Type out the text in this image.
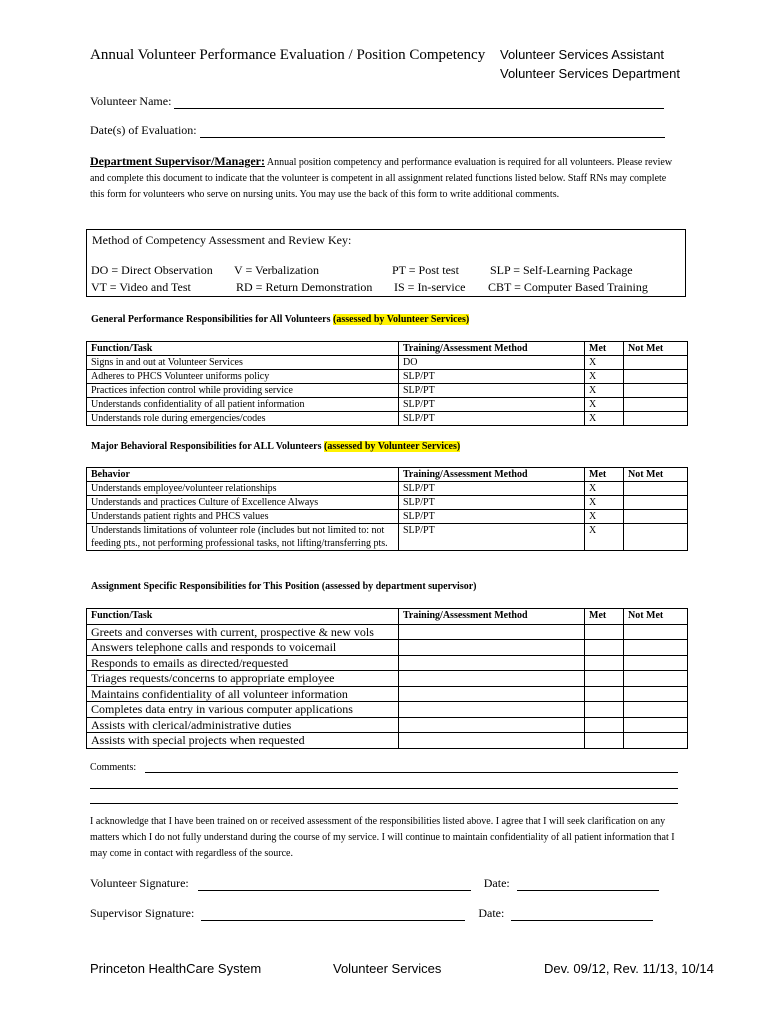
Annual Volunteer Performance Evaluation / Position Competency Volunteer Services Assistant
Volunteer Services Department
Volunteer Name:
Date(s) of Evaluation:
Department Supervisor/Manager: Annual position competency and performance evaluation is required for all volunteers. Please review and complete this document to indicate that the volunteer is competent in all assignment related functions listed below. Staff RNs may complete this form for volunteers who serve on nursing units. You may use the back of this form to write additional comments.
Method of Competency Assessment and Review Key:
DO = Direct Observation V = Verbalization	PT = Post test	SLP = Self-Learning Package
VT = Video and Test	RD = Return Demonstration IS = In-service CBT = Computer Based Training
General Performance Responsibilities for All Volunteers (assessed by Volunteer Services)
Function/Task	Training/Assessment Method	Met	Not Met
Signs in and out at Volunteer Services	DO	X	
Adheres to PHCS Volunteer uniforms policy	SLP/PT	X	
Practices infection control while providing service	SLP/PT	X	
Understands confidentiality of all patient information	SLP/PT	X	
Understands role during emergencies/codes	SLP/PT	X	
Major Behavioral Responsibilities for ALL Volunteers (assessed by Volunteer Services)
Behavior	Training/Assessment Method	Met	Not Met
Understands employee/volunteer relationships	SLP/PT	X	
Understands and practices Culture of Excellence Always	SLP/PT	X	
Understands patient rights and PHCS values	SLP/PT	X	
Understands limitations of volunteer role (includes but not limited to: not feeding pts., not performing professional tasks, not lifting/transferring pts.	SLP/PT	X	
Assignment Specific Responsibilities for This Position (assessed by department supervisor)
Function/Task	Training/Assessment Method	Met	Not Met
Greets and converses with current, prospective & new vols			
Answers telephone calls and responds to voicemail			
Responds to emails as directed/requested			
Triages requests/concerns to appropriate employee			
Maintains confidentiality of all volunteer information			
Completes data entry in various computer applications			
Assists with clerical/administrative duties			
Assists with special projects when requested			
Comments:
I acknowledge that I have been trained on or received assessment of the responsibilities listed above. I agree that I will seek clarification on any matters which I do not fully understand during the course of my service. I will continue to maintain confidentiality of all patient information that I may come in contact with regardless of the source.
Volunteer Signature:	Date:
Supervisor Signature:	Date:
Princeton HealthCare System	Volunteer Services	Dev. 09/12, Rev. 11/13, 10/14
